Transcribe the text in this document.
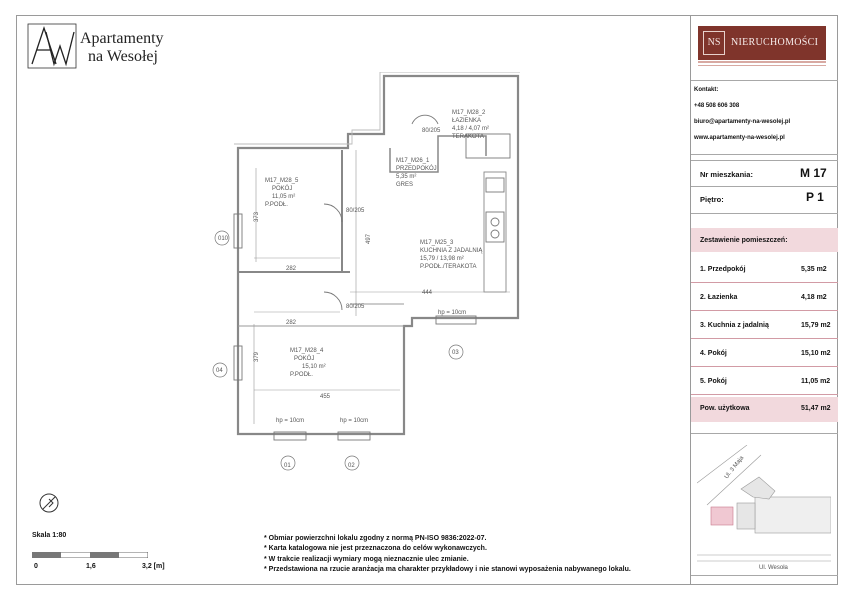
Apartamenty
na Wesołej
M17_M28_5
POKÓJ
11,05 m²
P.PODŁ.
M17_M26_1
PRZEDPOKÓJ
5,35 m²
GRES
M17_M28_2
ŁAZIENKA
4,18 / 4,07 m²
TERAKOTA
M17_M25_3
KUCHNIA Z JADALNIĄ
15,79 / 13,98 m²
P.PODŁ./TERAKOTA
M17_M28_4
POKÓJ
15,10 m²
P.PODŁ.
373
497
282
444
282
379
455
80/205
80/205
80/205
hp = 10cm
hp = 10cm	hp = 10cm
010
04
01	02
03
Skala 1:80
0	1,6	3,2 [m]
* Obmiar powierzchni lokalu zgodny z normą PN-ISO 9836:2022-07.
* Karta katalogowa nie jest przeznaczona do celów wykonawczych.
* W trakcie realizacji wymiary mogą nieznacznie ulec zmianie.
* Przedstawiona na rzucie aranżacja ma charakter przykładowy i nie stanowi wyposażenia nabywanego lokalu.
NS	NIERUCHOMOŚCI
Kontakt:
+48 508 606 308
biuro@apartamenty-na-wesolej.pl
www.apartamenty-na-wesolej.pl
Nr mieszkania:	M 17
Piętro:	P 1
Zestawienie pomieszczeń:
1. Przedpokój	5,35 m2
2. Łazienka	4,18 m2
3. Kuchnia z jadalnią	15,79 m2
4. Pokój	15,10 m2
5. Pokój	11,05 m2
Pow. użytkowa	51,47 m2
Ul. 3 Maja
Ul. Wesoła
